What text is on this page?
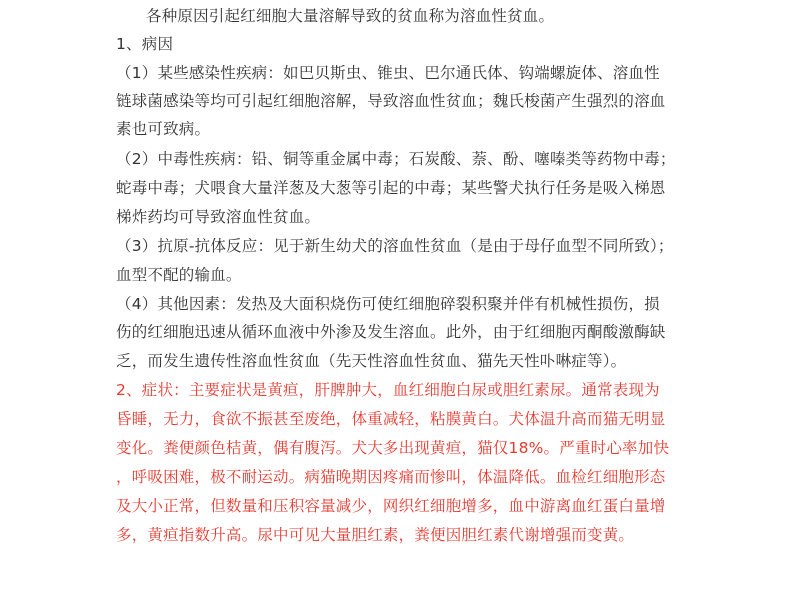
各种原因引起红细胞大量溶解导致的贫血称为溶血性贫血。
1、病因
（1）某些感染性疾病：如巴贝斯虫、锥虫、巴尔通氏体、钩端螺旋体、溶血性
链球菌感染等均可引起红细胞溶解，导致溶血性贫血；魏氏梭菌产生强烈的溶血
素也可致病。
（2）中毒性疾病：铅、铜等重金属中毒；石炭酸、萘、酚、噻嗪类等药物中毒；
蛇毒中毒；犬喂食大量洋葱及大葱等引起的中毒；某些警犬执行任务是吸入梯恩
梯炸药均可导致溶血性贫血。
（3）抗原-抗体反应：见于新生幼犬的溶血性贫血（是由于母仔血型不同所致）；
血型不配的输血。
（4）其他因素：发热及大面积烧伤可使红细胞碎裂积聚并伴有机械性损伤，损
伤的红细胞迅速从循环血液中外渗及发生溶血。此外，由于红细胞丙酮酸激酶缺
乏，而发生遗传性溶血性贫血（先天性溶血性贫血、猫先天性卟啉症等）。
2、症状：主要症状是黄疸，肝脾肿大，血红细胞白尿或胆红素尿。通常表现为
昏睡，无力，食欲不振甚至废绝，体重减轻，粘膜黄白。犬体温升高而猫无明显
变化。粪便颜色桔黄，偶有腹泻。犬大多出现黄疸，猫仅18%。严重时心率加快
，呼吸困难，极不耐运动。病猫晚期因疼痛而惨叫，体温降低。血检红细胞形态
及大小正常，但数量和压积容量减少，网织红细胞增多，血中游离血红蛋白量增
多，黄疸指数升高。尿中可见大量胆红素，粪便因胆红素代谢增强而变黄。
